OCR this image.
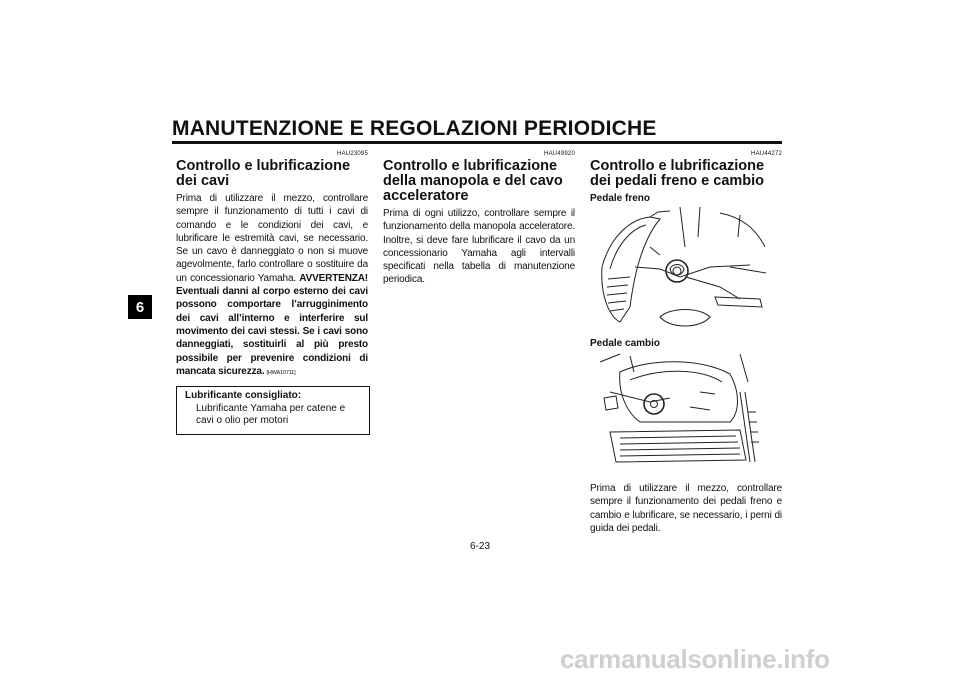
MANUTENZIONE E REGOLAZIONI PERIODICHE
6
HAU23095
Controllo e lubrificazione dei cavi

Prima di utilizzare il mezzo, controllare sempre il funzionamento di tutti i cavi di comando e le condizioni dei cavi, e lubrificare le estremità cavi, se necessario. Se un cavo è danneggiato o non si muove agevolmente, farlo controllare o sostituire da un concessionario Yamaha. AVVERTENZA! Eventuali danni al corpo esterno dei cavi possono comportare l’arrugginimento dei cavi all’interno e interferire sul movimento dei cavi stessi. Se i cavi sono danneggiati, sostituirli al più presto possibile per prevenire condizioni di mancata sicurezza. [HWA10711]

Lubrificante consigliato:
Lubrificante Yamaha per catene e cavi o olio per motori
HAU49920
Controllo e lubrificazione della manopola e del cavo acceleratore

Prima di ogni utilizzo, controllare sempre il funzionamento della manopola acceleratore. Inoltre, si deve fare lubrificare il cavo da un concessionario Yamaha agli intervalli specificati nella tabella di manutenzione periodica.

HAU44272
Controllo e lubrificazione dei pedali freno e cambio
Pedale freno
Pedale cambio

Prima di utilizzare il mezzo, controllare sempre il funzionamento dei pedali freno e cambio e lubrificare, se necessario, i perni di guida dei pedali.

6-23
carmanualsonline.info
